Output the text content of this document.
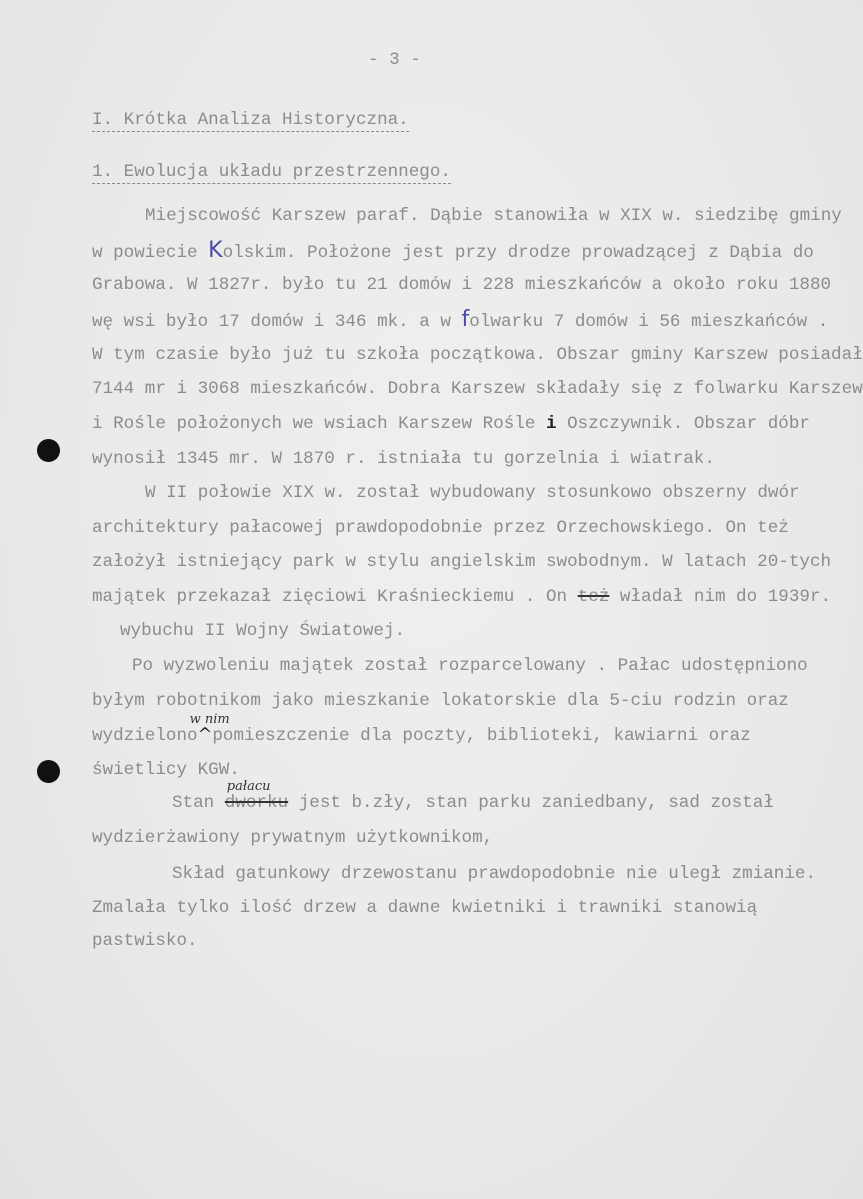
- 3 -
I. Krótka Analiza Historyczna.
1. Ewolucja układu przestrzennego.
Miejscowość Karszew paraf. Dąbie stanowiła w XIX w. siedzibę gminy
w powiecie Kolskim. Położone jest przy drodze prowadzącej z Dąbia do
Grabowa. W 1827r. było tu 21 domów i 228 mieszkańców a około roku 1880
wę wsi było 17 domów i 346 mk. a w folwarku 7 domów i 56 mieszkańców .
W tym czasie było już tu szkoła początkowa. Obszar gminy Karszew posiadał
7144 mr i 3068 mieszkańców. Dobra Karszew składały się z folwarku Karszew
i Rośle położonych we wsiach Karszew Rośle i Oszczywnik. Obszar dóbr
wynosił 1345 mr. W 1870 r. istniała tu gorzelnia i wiatrak.
W II połowie XIX w. został wybudowany stosunkowo obszerny dwór
architektury pałacowej prawdopodobnie przez Orzechowskiego. On też
założył istniejący park w stylu angielskim swobodnym. W latach 20-tych
majątek przekazał zięciowi Kraśnieckiemu . On też władał nim do 1939r.
wybuchu II Wojny Światowej.
Po wyzwoleniu majątek został rozparcelowany . Pałac udostępniono
byłym robotnikom jako mieszkanie lokatorskie dla 5-ciu rodzin oraz
wydzielono^
w nim
pomieszczenie dla poczty, biblioteki, kawiarni oraz
świetlicy KGW.
Stan dworku
pałacu
jest b.zły, stan parku zaniedbany, sad został
wydzierżawiony prywatnym użytkownikom,
Skład gatunkowy drzewostanu prawdopodobnie nie uległ zmianie.
Zmalała tylko ilość drzew a dawne kwietniki i trawniki stanowią
pastwisko.
